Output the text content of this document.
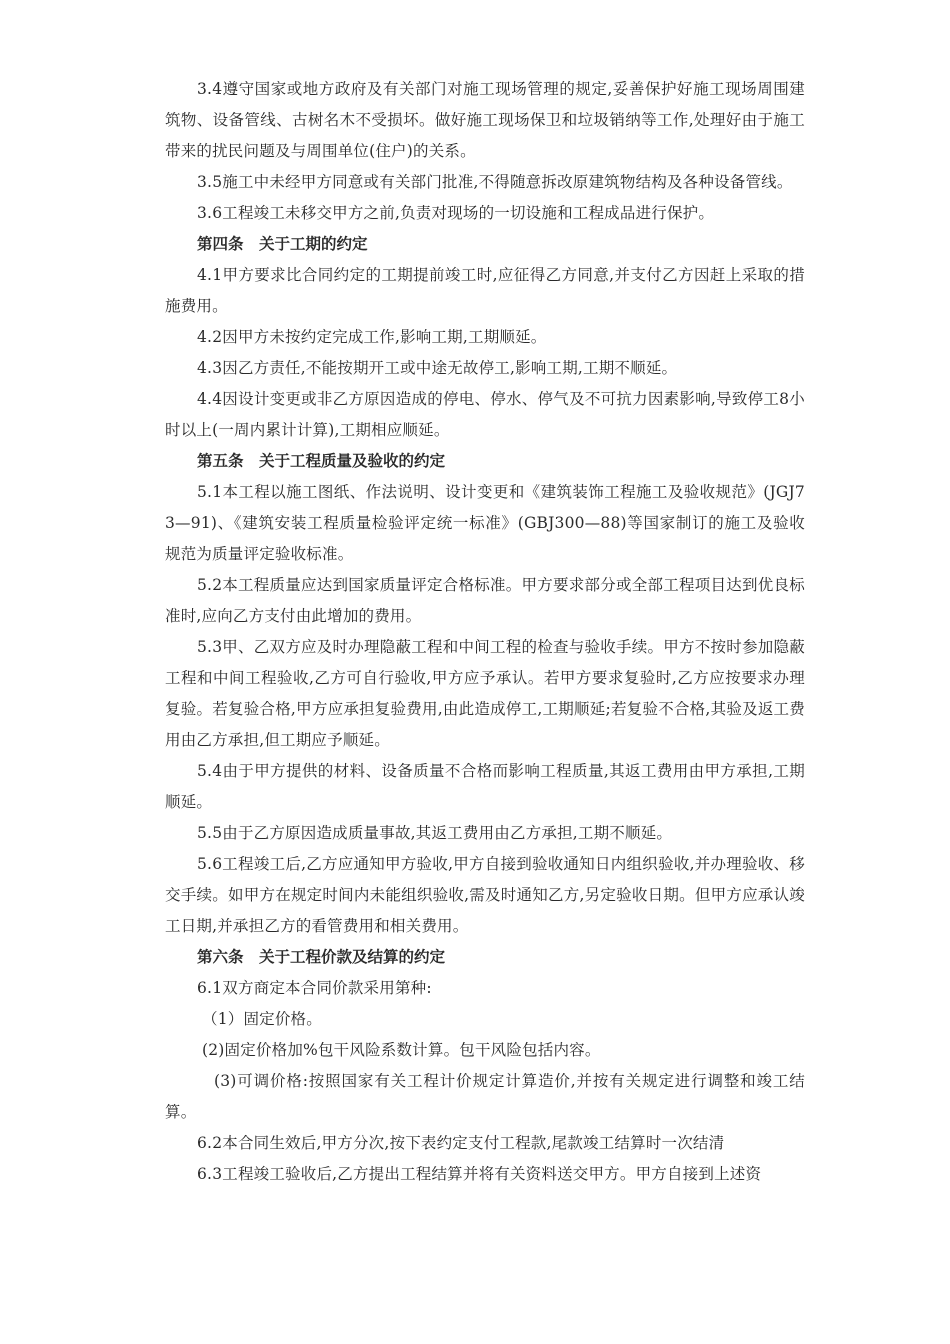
3.4遵守国家或地方政府及有关部门对施工现场管理的规定,妥善保护好施工现场周围建筑物、设备管线、古树名木不受损坏。做好施工现场保卫和垃圾销纳等工作,处理好由于施工带来的扰民问题及与周围单位(住户)的关系。

3.5施工中未经甲方同意或有关部门批准,不得随意拆改原建筑物结构及各种设备管线。

3.6工程竣工未移交甲方之前,负责对现场的一切设施和工程成品进行保护。

第四条　关于工期的约定

4.1甲方要求比合同约定的工期提前竣工时,应征得乙方同意,并支付乙方因赶上采取的措施费用。

4.2因甲方未按约定完成工作,影响工期,工期顺延。

4.3因乙方责任,不能按期开工或中途无故停工,影响工期,工期不顺延。

4.4因设计变更或非乙方原因造成的停电、停水、停气及不可抗力因素影响,导致停工8小时以上(一周内累计计算),工期相应顺延。

第五条　关于工程质量及验收的约定

5.1本工程以施工图纸、作法说明、设计变更和《建筑装饰工程施工及验收规范》(JGJ73—91)、《建筑安装工程质量检验评定统一标准》(GBJ300—88)等国家制订的施工及验收规范为质量评定验收标准。

5.2本工程质量应达到国家质量评定合格标准。甲方要求部分或全部工程项目达到优良标准时,应向乙方支付由此增加的费用。

5.3甲、乙双方应及时办理隐蔽工程和中间工程的检查与验收手续。甲方不按时参加隐蔽工程和中间工程验收,乙方可自行验收,甲方应予承认。若甲方要求复验时,乙方应按要求办理复验。若复验合格,甲方应承担复验费用,由此造成停工,工期顺延;若复验不合格,其验及返工费用由乙方承担,但工期应予顺延。

5.4由于甲方提供的材料、设备质量不合格而影响工程质量,其返工费用由甲方承担,工期顺延。

5.5由于乙方原因造成质量事故,其返工费用由乙方承担,工期不顺延。

5.6工程竣工后,乙方应通知甲方验收,甲方自接到验收通知日内组织验收,并办理验收、移交手续。如甲方在规定时间内未能组织验收,需及时通知乙方,另定验收日期。但甲方应承认竣工日期,并承担乙方的看管费用和相关费用。

第六条　关于工程价款及结算的约定

6.1双方商定本合同价款采用第种:

（1）固定价格。

(2)固定价格加%包干风险系数计算。包干风险包括内容。

(3)可调价格:按照国家有关工程计价规定计算造价,并按有关规定进行调整和竣工结算。

6.2本合同生效后,甲方分次,按下表约定支付工程款,尾款竣工结算时一次结清

6.3工程竣工验收后,乙方提出工程结算并将有关资料送交甲方。甲方自接到上述资
